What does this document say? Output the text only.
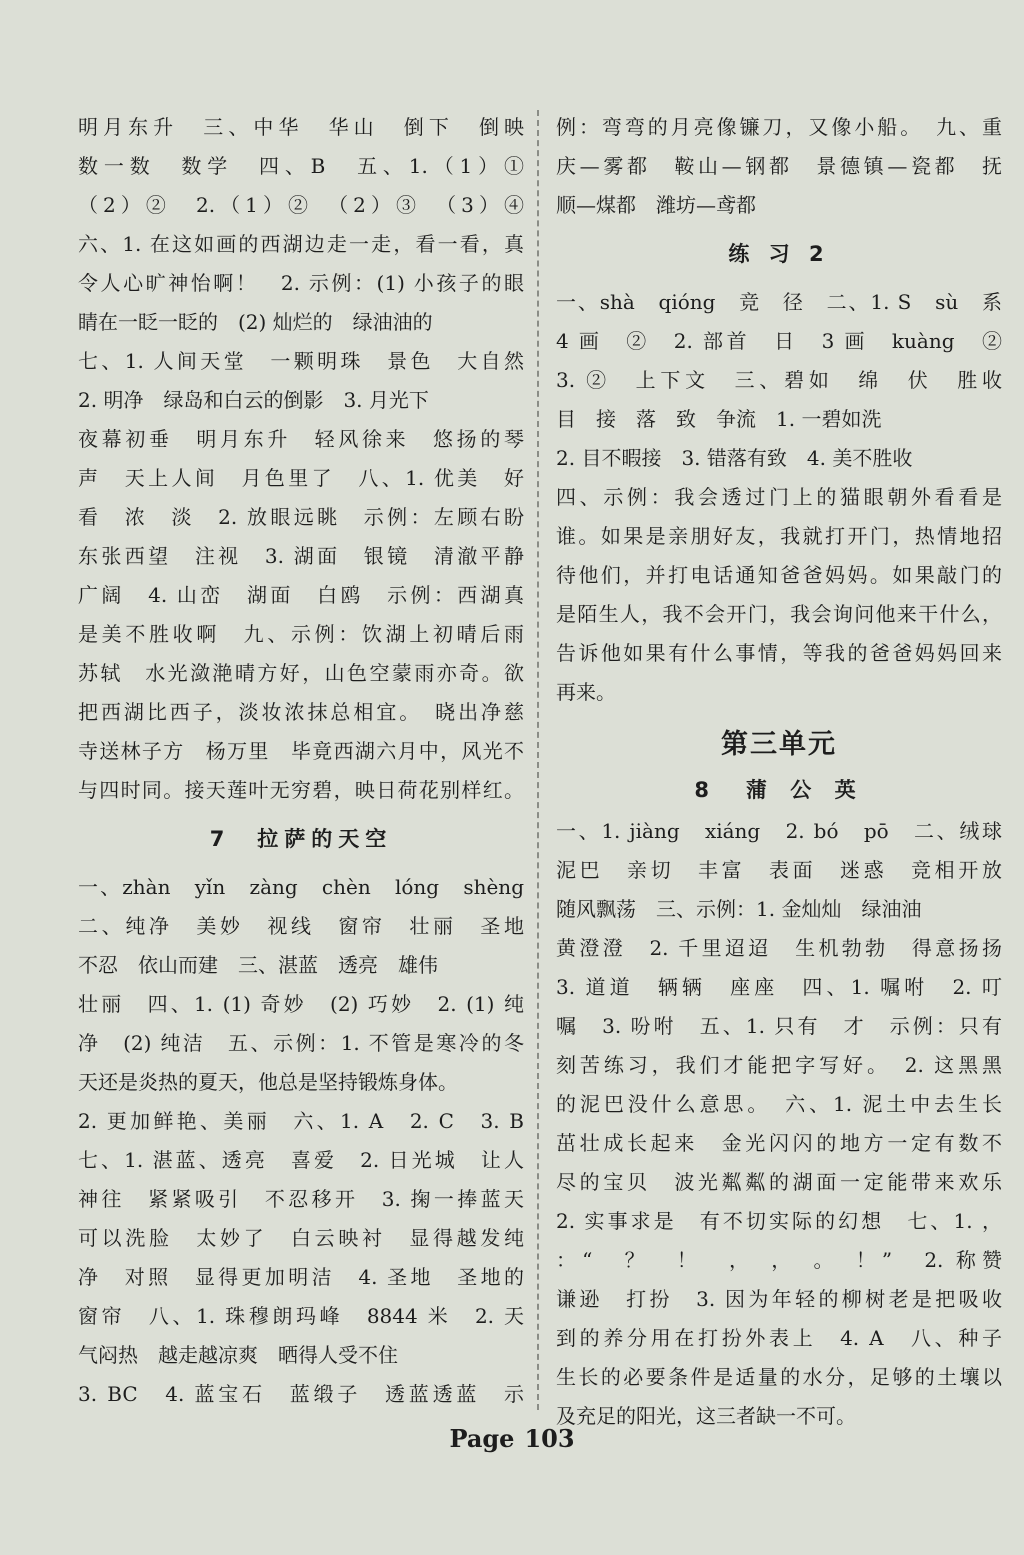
明月东升　三、中华　华山　倒下　倒映
数一数　数学　四、B　五、1.（1）①
（2）②　2.（1）②　（2）③　（3）④
六、1. 在这如画的西湖边走一走，看一看，真
令人心旷神怡啊！　2. 示例：(1) 小孩子的眼
睛在一眨一眨的　(2) 灿烂的　绿油油的
七、1. 人间天堂　一颗明珠　景色　大自然
2. 明净　绿岛和白云的倒影　3. 月光下
夜幕初垂　明月东升　轻风徐来　悠扬的琴
声　天上人间　月色里了　八、1. 优美　好
看　浓　淡　2. 放眼远眺　示例：左顾右盼
东张西望　注视　3. 湖面　银镜　清澈平静
广阔　4. 山峦　湖面　白鸥　示例：西湖真
是美不胜收啊　九、示例：饮湖上初晴后雨
苏轼　水光潋滟晴方好，山色空蒙雨亦奇。欲
把西湖比西子，淡妆浓抹总相宜。　晓出净慈
寺送林子方　杨万里　毕竟西湖六月中，风光不
与四时同。接天莲叶无穷碧，映日荷花别样红。
7　拉萨的天空
一、zhàn　yǐn　zàng　chèn　lóng　shèng
二、纯净　美妙　视线　窗帘　壮丽　圣地
不忍　依山而建　三、湛蓝　透亮　雄伟
壮丽　四、1. (1) 奇妙　(2) 巧妙　2. (1) 纯
净　(2) 纯洁　五、示例：1. 不管是寒冷的冬
天还是炎热的夏天，他总是坚持锻炼身体。
2. 更加鲜艳、美丽　六、1. A　2. C　3. B
七、1. 湛蓝、透亮　喜爱　2. 日光城　让人
神往　紧紧吸引　不忍移开　3. 掬一捧蓝天
可以洗脸　太妙了　白云映衬　显得越发纯
净　对照　显得更加明洁　4. 圣地　圣地的
窗帘　八、1. 珠穆朗玛峰　8844 米　2. 天
气闷热　越走越凉爽　晒得人受不住
3. BC　4. 蓝宝石　蓝缎子　透蓝透蓝　示
例：弯弯的月亮像镰刀，又像小船。　九、重
庆—雾都　鞍山—钢都　景德镇—瓷都　抚
顺—煤都　潍坊—鸢都
练 习 2
一、shà　qióng　竞　径　二、1. S　sù　系
4 画　②　2. 部首　日　3 画　kuàng　②
3. ②　上下文　三、碧如　绵　伏　胜收
目　接　落　致　争流　1. 一碧如洗
2. 目不暇接　3. 错落有致　4. 美不胜收
四、示例：我会透过门上的猫眼朝外看看是
谁。如果是亲朋好友，我就打开门，热情地招
待他们，并打电话通知爸爸妈妈。如果敲门的
是陌生人，我不会开门，我会询问他来干什么，
告诉他如果有什么事情，等我的爸爸妈妈回来
再来。
第三单元
8　蒲 公 英
一、1. jiàng　xiáng　2. bó　pō　二、绒球
泥巴　亲切　丰富　表面　迷惑　竞相开放
随风飘荡　三、示例：1. 金灿灿　绿油油
黄澄澄　2. 千里迢迢　生机勃勃　得意扬扬
3. 道道　辆辆　座座　四、1. 嘱咐　2. 叮
嘱　3. 吩咐　五、1. 只有　才　示例：只有
刻苦练习，我们才能把字写好。　2. 这黑黑
的泥巴没什么意思。　六、1. 泥土中去生长
茁壮成长起来　金光闪闪的地方一定有数不
尽的宝贝　波光粼粼的湖面一定能带来欢乐
2. 实事求是　有不切实际的幻想　七、1. ，
：“　？　！　，　，　。　！”　2. 称赞
谦逊　打扮　3. 因为年轻的柳树老是把吸收
到的养分用在打扮外表上　4. A　八、种子
生长的必要条件是适量的水分，足够的土壤以
及充足的阳光，这三者缺一不可。
Page 103
